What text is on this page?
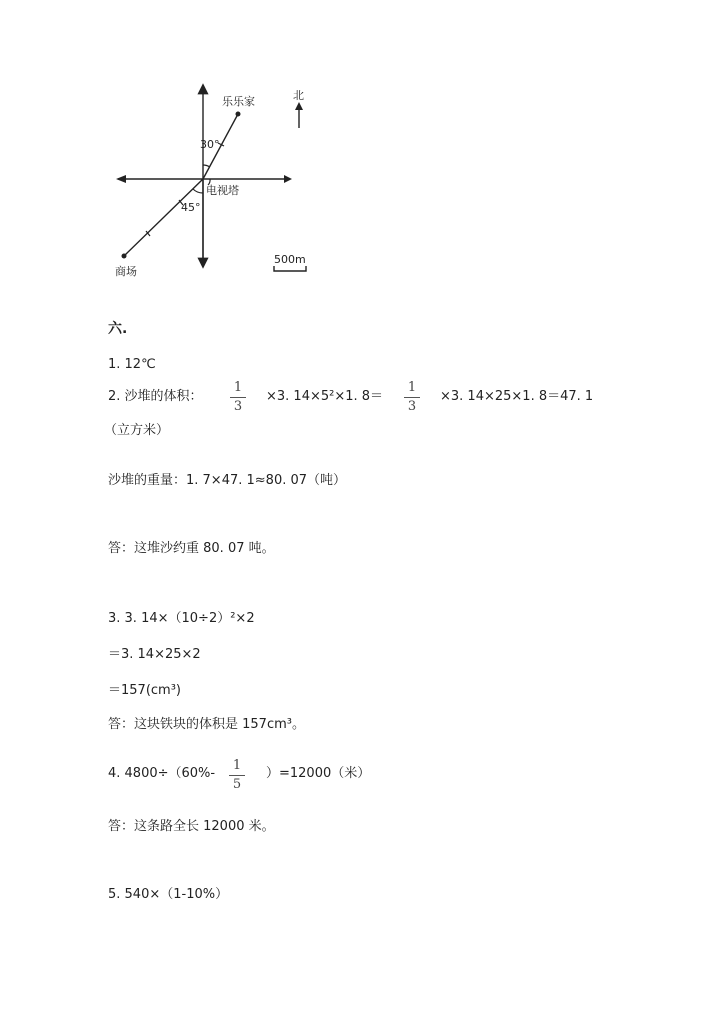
乐乐家	北
30°
电视塔
45°
商场
500m
六.
1. 12℃
2. 沙堆的体积：
1
3
×3. 14×5²×1. 8＝
1
3
×3. 14×25×1. 8＝47. 1
（立方米）
沙堆的重量：1. 7×47. 1≈80. 07（吨）
答：这堆沙约重 80. 07 吨。
3. 3. 14×（10÷2）²×2
＝3. 14×25×2
＝157(cm³)
答：这块铁块的体积是 157cm³。
4. 4800÷（60%-
1
5
）=12000（米）
答：这条路全长 12000 米。
5. 540×（1-10%）
